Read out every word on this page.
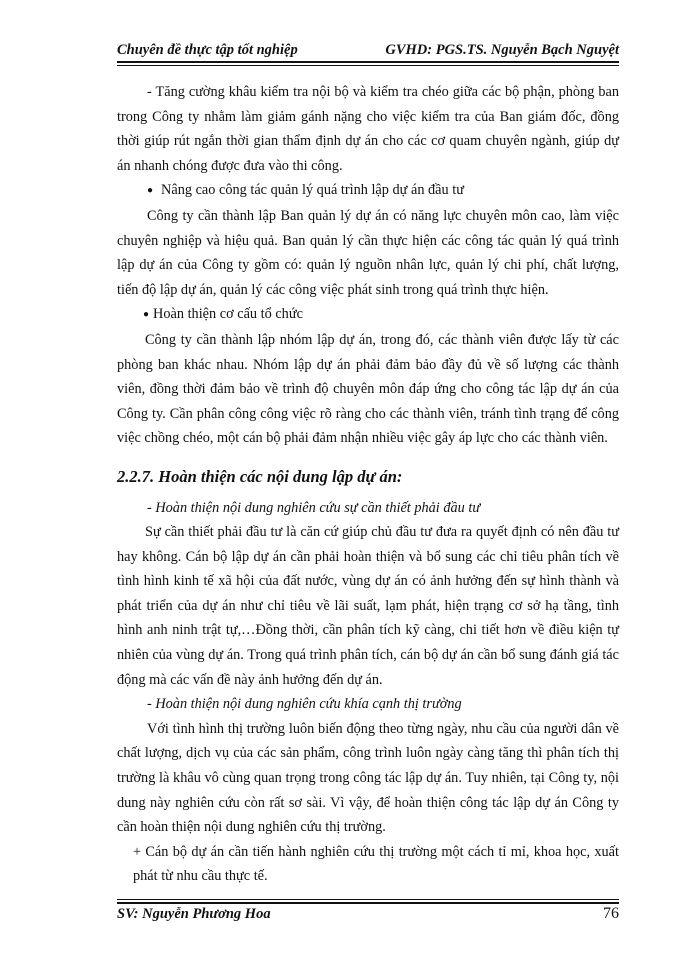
Chuyên đề thực tập tốt nghiệp	GVHD: PGS.TS. Nguyễn Bạch Nguyệt

- Tăng cường khâu kiểm tra nội bộ và kiểm tra chéo giữa các bộ phận, phòng ban trong Công ty nhằm làm giảm gánh nặng cho việc kiểm tra của Ban giám đốc, đồng thời giúp rút ngắn thời gian thẩm định dự án cho các cơ quam chuyên ngành, giúp dự án nhanh chóng được đưa vào thi công.

● Nâng cao công tác quản lý quá trình lập dự án đầu tư

Công ty cần thành lập Ban quản lý dự án có năng lực chuyên môn cao, làm việc chuyên nghiệp và hiệu quả. Ban quản lý cần thực hiện các công tác quản lý quá trình lập dự án của Công ty gồm có: quản lý nguồn nhân lực, quản lý chi phí, chất lượng, tiến độ lập dự án, quản lý các công việc phát sinh trong quá trình thực hiện.

● Hoàn thiện cơ cấu tổ chức

Công ty cần thành lập nhóm lập dự án, trong đó, các thành viên được lấy từ các phòng ban khác nhau. Nhóm lập dự án phải đảm bảo đầy đủ về số lượng các thành viên, đồng thời đảm bảo về trình độ chuyên môn đáp ứng cho công tác lập dự án của Công ty. Cần phân công công việc rõ ràng cho các thành viên, tránh tình trạng để công việc chồng chéo, một cán bộ phải đảm nhận nhiều việc gây áp lực cho các thành viên.

2.2.7. Hoàn thiện các nội dung lập dự án:

- Hoàn thiện nội dung nghiên cứu sự cần thiết phải đầu tư

Sự cần thiết phải đầu tư là căn cứ giúp chủ đầu tư đưa ra quyết định có nên đầu tư hay không. Cán bộ lập dự án cần phải hoàn thiện và bổ sung các chỉ tiêu phân tích về tình hình kinh tế xã hội của đất nước, vùng dự án có ảnh hưởng đến sự hình thành và phát triển của dự án như chỉ tiêu về lãi suất, lạm phát, hiện trạng cơ sở hạ tầng, tình hình anh ninh trật tự,…Đồng thời, cần phân tích kỹ càng, chi tiết hơn về điều kiện tự nhiên của vùng dự án. Trong quá trình phân tích, cán bộ dự án cần bổ sung đánh giá tác động mà các vấn đề này ảnh hưởng đến dự án.

- Hoàn thiện nội dung nghiên cứu khía cạnh thị trường

Với tình hình thị trường luôn biến động theo từng ngày, nhu cầu của người dân về chất lượng, dịch vụ của các sản phẩm, công trình luôn ngày càng tăng thì phân tích thị trường là khâu vô cùng quan trọng trong công tác lập dự án. Tuy nhiên, tại Công ty, nội dung này nghiên cứu còn rất sơ sài. Vì vậy, để hoàn thiện công tác lập dự án Công ty cần hoàn thiện nội dung nghiên cứu thị trường.

+ Cán bộ dự án cần tiến hành nghiên cứu thị trường một cách tỉ mỉ, khoa học, xuất phát từ nhu cầu thực tế.

SV: Nguyễn Phương Hoa	76
